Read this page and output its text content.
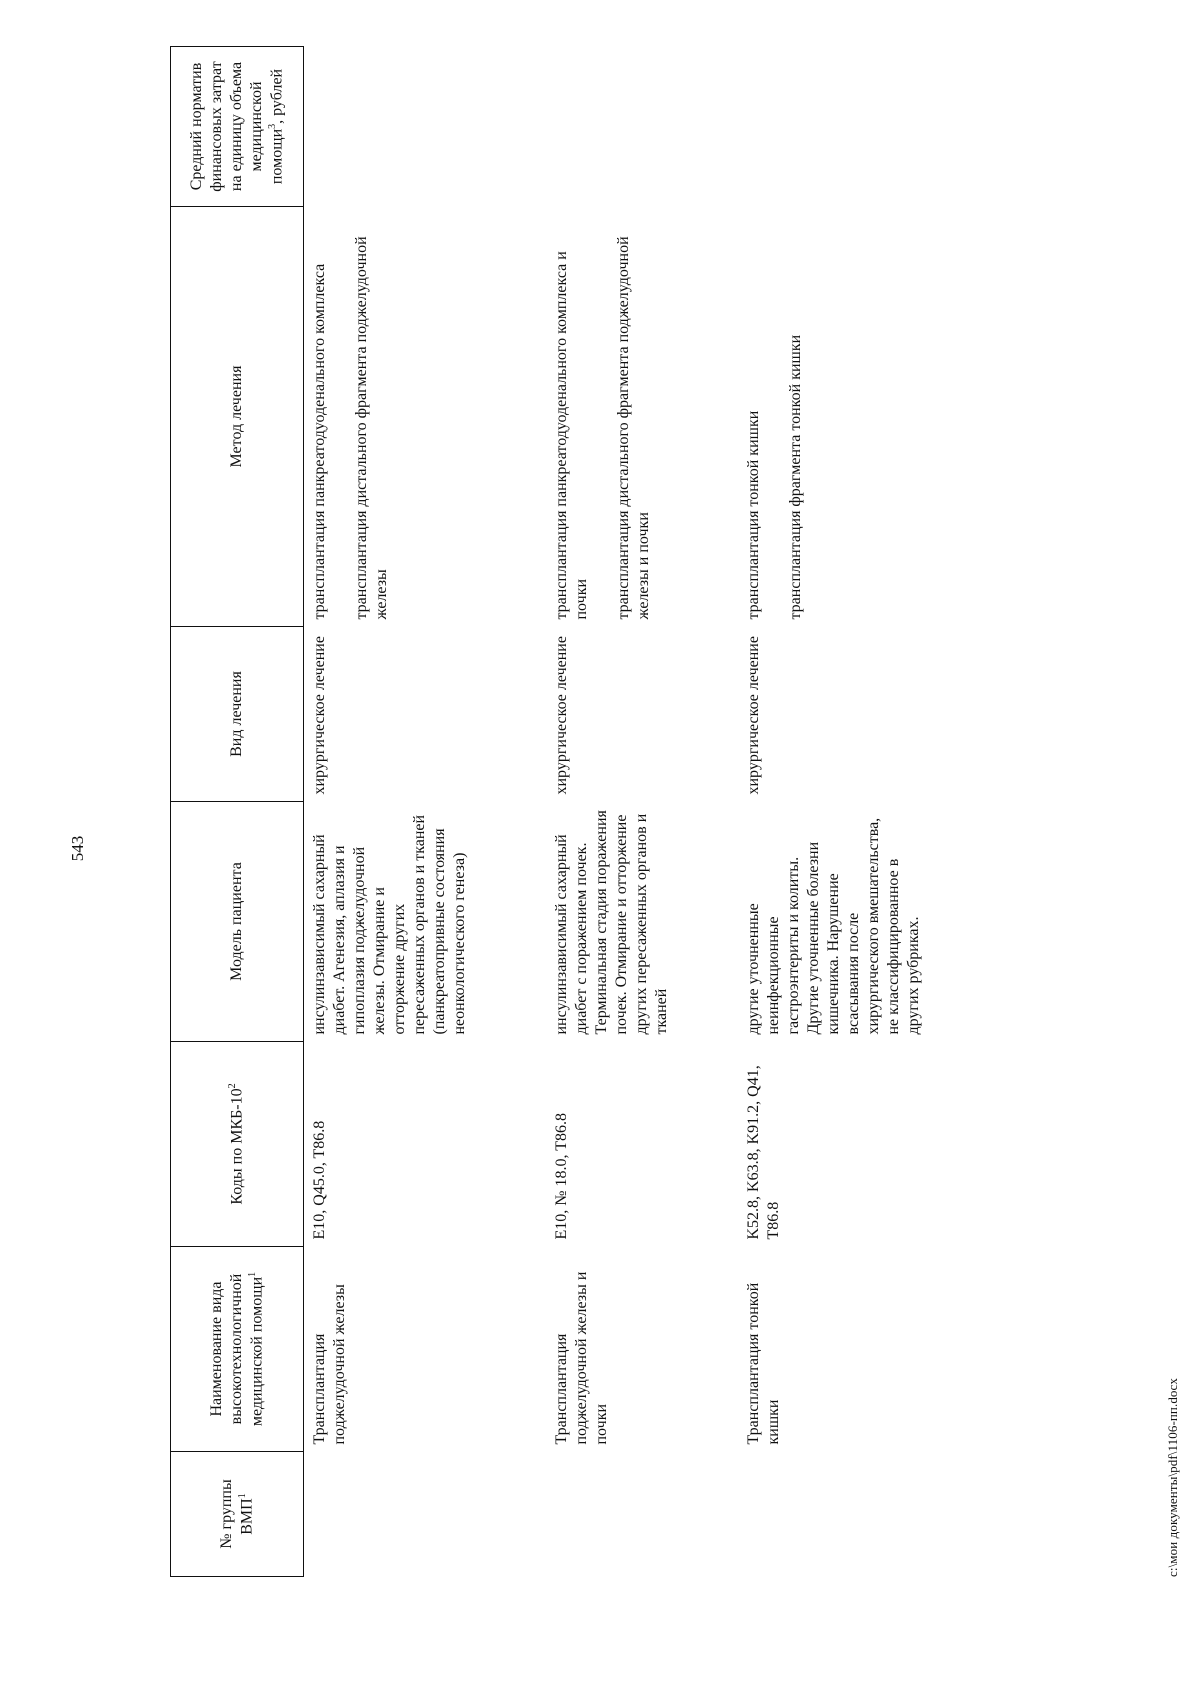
543
№ группы ВМП$^1$	Наименование вида высокотехнологичной медицинской помощи$^1$	Коды по МКБ-$10^2$	Модель пациента	Вид лечения	Метод лечения	Средний норматив финансовых затрат на единицу объема медицинской помощи$^3$, рублей
	Трансплантация поджелудочной железы	E10, Q45.0, T86.8	инсулинзависимый сахарный диабет. Агенезия, аплазия и гипоплазия поджелудочной железы. Отмирание и отторжение других пересаженных органов и тканей (панкреатопривные состояния неонкологического генеза)	хирургическое лечение	трансплантация панкреатодуоденального комплекса трансплантация дистального фрагмента поджелудочной железы	
	Трансплантация поджелудочной железы и почки	E10, № 18.0, T86.8	инсулинзависимый сахарный диабет с поражением почек. Терминальная стадия поражения почек. Отмирание и отторжение других пересаженных органов и тканей	хирургическое лечение	трансплантация панкреатодуоденального комплекса и почки трансплантация дистального фрагмента поджелудочной железы и почки	
	Трансплантация тонкой кишки	K52.8, K63.8, K91.2, Q41, T86.8	другие уточненные неинфекционные гастроэнтериты и колиты. Другие уточненные болезни кишечника. Нарушение всасывания после хирургического вмешательства, не классифицированное в других рубриках.	хирургическое лечение	трансплантация тонкой кишки трансплантация фрагмента тонкой кишки	
c:\мои документы\pdf\1106-пп.docx
